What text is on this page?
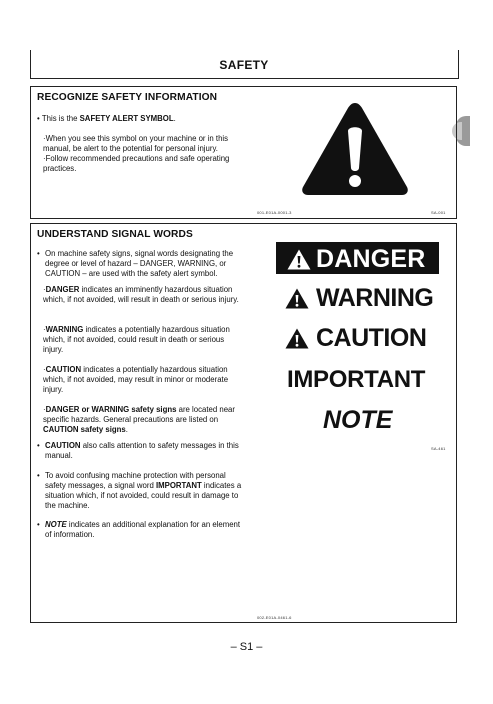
SAFETY
RECOGNIZE SAFETY INFORMATION
• This is the SAFETY ALERT SYMBOL.
·When you see this symbol on your machine or in this manual, be alert to the potential for personal injury.
·Follow recommended precautions and safe operating practices.
001-E01A-0001-3	SA-001
UNDERSTAND SIGNAL WORDS
• On machine safety signs, signal words designating the degree or level of hazard – DANGER, WARNING, or CAUTION – are used with the safety alert symbol.
·DANGER indicates an imminently hazardous situation which, if not avoided, will result in death or serious injury.
·WARNING indicates a potentially hazardous situation which, if not avoided, could result in death or serious injury.
·CAUTION indicates a potentially hazardous situation which, if not avoided, may result in minor or moderate injury.
·DANGER or WARNING safety signs are located near specific hazards. General precautions are listed on CAUTION safety signs.
• CAUTION also calls attention to safety messages in this manual.
• To avoid confusing machine protection with personal safety messages, a signal word IMPORTANT indicates a situation which, if not avoided, could result in damage to the machine.
• NOTE indicates an additional explanation for an element of information.
DANGER
WARNING
CAUTION
IMPORTANT
NOTE
SA-461
002-E01A-0461-6
– S1 –
